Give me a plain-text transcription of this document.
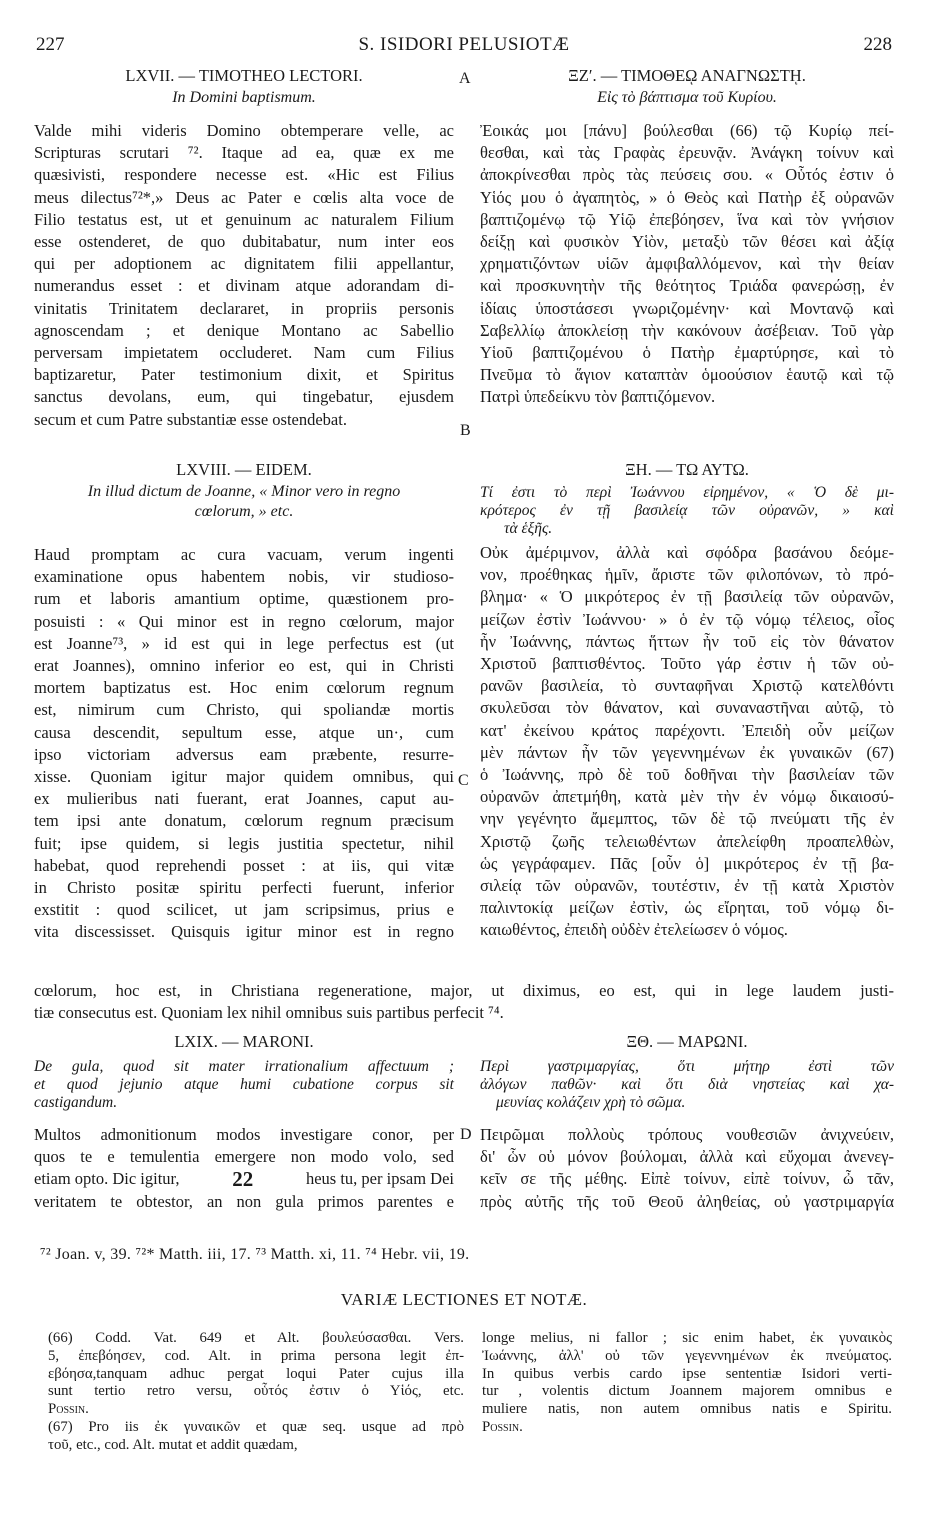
227	S. ISIDORI PELUSIOTÆ	228
A
B
C
D

LXVII. — TIMOTHEO LECTORI.

In Domini baptismum.

Valde mihi videris Domino obtemperare velle, ac
Scripturas scrutari ⁷². Itaque ad ea, quæ ex me
quæsivisti, respondere necesse est. «Hic est Filius
meus dilectus⁷²*,» Deus ac Pater e cœlis alta voce de
Filio testatus est, ut et genuinum ac naturalem Filium
esse ostenderet, de quo dubitabatur, num inter eos
qui per adoptionem ac dignitatem filii appellantur,
numerandus esset : et divinam atque adorandam di-
vinitatis Trinitatem declararet, in propriis personis
agnoscendam ; et denique Montano ac Sabellio
perversam impietatem occluderet. Nam cum Filius
baptizaretur, Pater testimonium dixit, et Spiritus
sanctus devolans, eum, qui tingebatur, ejusdem
secum et cum Patre substantiæ esse ostendebat.

ΞΖʹ. — ΤΙΜΟΘΕῼ ΑΝΑΓΝΩΣΤῌ.

Εἰς τὸ βάπτισμα τοῦ Κυρίου.

Ἐοικάς μοι [πάνυ] βούλεσθαι (66) τῷ Κυρίῳ πεί-
θεσθαι, καὶ τὰς Γραφὰς ἐρευνᾷν. Ἀνάγκη τοίνυν καὶ
ἀποκρίνεσθαι πρὸς τὰς πεύσεις σου. « Οὗτός ἐστιν ὁ
Υἱός μου ὁ ἀγαπητὸς, » ὁ Θεὸς καὶ Πατὴρ ἐξ οὐρανῶν
βαπτιζομένῳ τῷ Υἱῷ ἐπεβόησεν, ἵνα καὶ τὸν γνήσιον
δείξῃ καὶ φυσικὸν Υἱὸν, μεταξὺ τῶν θέσει καὶ ἀξίᾳ
χρηματιζόντων υἱῶν ἀμφιβαλλόμενον, καὶ τὴν θείαν
καὶ προσκυνητὴν τῆς θεότητος Τριάδα φανερώσῃ, ἐν
ἰδίαις ὑποστάσεσι γνωριζομένην· καὶ Μοντανῷ καὶ
Σαβελλίῳ ἀποκλείσῃ τὴν κακόνουν ἀσέβειαν. Τοῦ γὰρ
Υἱοῦ βαπτιζομένου ὁ Πατὴρ ἐμαρτύρησε, καὶ τὸ
Πνεῦμα τὸ ἅγιον καταπτὰν ὁμοούσιον ἑαυτῷ καὶ τῷ
Πατρὶ ὑπεδείκνυ τὸν βαπτιζόμενον.

LXVIII. — EIDEM.

In illud dictum de Joanne, « Minor vero in regno

cœlorum, » etc.

Haud promptam ac cura vacuam, verum ingenti
examinatione opus habentem nobis, vir studioso-
rum et laboris amantium optime, quæstionem pro-
posuisti : « Qui minor est in regno cœlorum, major
est Joanne⁷³, » id est qui in lege perfectus est (ut
erat Joannes), omnino inferior eo est, qui in Christi
mortem baptizatus est. Hoc enim cœlorum regnum
est, nimirum cum Christo, qui spoliandæ mortis
causa descendit, sepultum esse, atque un·, cum
ipso victoriam adversus eam præbente, resurre-
xisse. Quoniam igitur major quidem omnibus, qui
ex mulieribus nati fuerant, erat Joannes, caput au-
tem ipsi ante donatum, cœlorum regnum præcisum
fuit; ipse quidem, si legis justitia spectetur, nihil
habebat, quod reprehendi posset : at iis, qui vitæ
in Christo positæ spiritu perfecti fuerunt, inferior
exstitit : quod scilicet, ut jam scripsimus, prius e
vita discessisset. Quisquis igitur minor est in regno

ΞΗ. — ΤΩ ΑΥΤΩ.

Τί ἐστι τὸ περὶ Ἰωάννου εἰρημένον, « Ὁ δὲ μι-
κρότερος ἐν τῇ βασιλείᾳ τῶν οὐρανῶν, » καὶ
τὰ ἑξῆς.
Οὐκ ἀμέριμνον, ἀλλὰ καὶ σφόδρα βασάνου δεόμε-
νον, προέθηκας ἡμῖν, ἄριστε τῶν φιλοπόνων, τὸ πρό-
βλημα· « Ὁ μικρότερος ἐν τῇ βασιλείᾳ τῶν οὐρανῶν,
μείζων ἐστὶν Ἰωάννου· » ὁ ἐν τῷ νόμῳ τέλειος, οἷος
ἦν Ἰωάννης, πάντως ἥττων ἦν τοῦ εἰς τὸν θάνατον
Χριστοῦ βαπτισθέντος. Τοῦτο γάρ ἐστιν ἡ τῶν οὐ-
ρανῶν βασιλεία, τὸ συνταφῆναι Χριστῷ κατελθόντι
σκυλεῦσαι τὸν θάνατον, καὶ συναναστῆναι αὐτῷ, τὸ
κατ' ἐκείνου κράτος παρέχοντι. Ἐπειδὴ οὖν μείζων
μὲν πάντων ἦν τῶν γεγεννημένων ἐκ γυναικῶν (67)
ὁ Ἰωάννης, πρὸ δὲ τοῦ δοθῆναι τὴν βασιλείαν τῶν
οὐρανῶν ἀπετμήθη, κατὰ μὲν τὴν ἐν νόμῳ δικαιοσύ-
νην γεγένητο ἄμεμπτος, τῶν δὲ τῷ πνεύματι τῆς ἐν
Χριστῷ ζωῆς τελειωθέντων ἀπελείφθη προαπελθὼν,
ὡς γεγράφαμεν. Πᾶς [οὖν ὁ] μικρότερος ἐν τῇ βα-
σιλείᾳ τῶν οὐρανῶν, τουτέστιν, ἐν τῇ κατὰ Χριστὸν
παλιντοκίᾳ μείζων ἐστὶν, ὡς εἴρηται, τοῦ νόμῳ δι-
καιωθέντος, ἐπειδὴ οὐδὲν ἐτελείωσεν ὁ νόμος.
cœlorum, hoc est, in Christiana regeneratione, major, ut diximus, eo est, qui in lege laudem justi-
tiæ consecutus est. Quoniam lex nihil omnibus suis partibus perfecit ⁷⁴.

LXIX. — MARONI.

De gula, quod sit mater irrationalium affectuum ;
et quod jejunio atque humi cubatione corpus sit
castigandum.
Multos admonitionum modos investigare conor, per
quos te e temulentia emergere non modo volo, sed
etiam opto. Dic igitur,	22	heus tu, per ipsam Dei
veritatem te obtestor, an non gula primos parentes e

ΞΘ. — ΜΑΡΩΝΙ.

Περὶ γαστριμαργίας, ὅτι μήτηρ ἐστὶ τῶν
ἀλόγων παθῶν· καὶ ὅτι διὰ νηστείας καὶ χα-
μευνίας κολάζειν χρὴ τὸ σῶμα.
Πειρῶμαι πολλοὺς τρόπους νουθεσιῶν ἀνιχνεύειν,
δι' ὧν οὐ μόνον βούλομαι, ἀλλὰ καὶ εὔχομαι ἀνενεγ-
κεῖν σε τῆς μέθης. Εἰπὲ τοίνυν, εἰπὲ τοίνυν, ὦ τᾶν,
πρὸς αὐτῆς τῆς τοῦ Θεοῦ ἀληθείας, οὐ γαστριμαργία
⁷² Joan. v, 39. ⁷²* Matth. iii, 17. ⁷³ Matth. xi, 11. ⁷⁴ Hebr. vii, 19.
VARIÆ LECTIONES ET NOTÆ.
(66) Codd. Vat. 649 et Alt. βουλεύσασθαι. Vers.
5, ἐπεβόησεν, cod. Alt. in prima persona legit ἐπ-
εβόησα,tanquam adhuc pergat loqui Pater cujus illa
sunt tertio retro versu, οὗτός ἐστιν ὁ Υἱός, etc.
Possin.
(67) Pro iis ἐκ γυναικῶν et quæ seq. usque ad πρὸ
τοῦ, etc., cod. Alt. mutat et addit quædam,
longe melius, ni fallor ; sic enim habet, ἐκ γυναικὸς
Ἰωάννης, ἀλλ' οὐ τῶν γεγεννημένων ἐκ πνεύματος.
In quibus verbis cardo ipse sententiæ Isidori verti-
tur , volentis dictum Joannem majorem omnibus e
muliere natis, non autem omnibus natis e Spiritu.
Possin.
